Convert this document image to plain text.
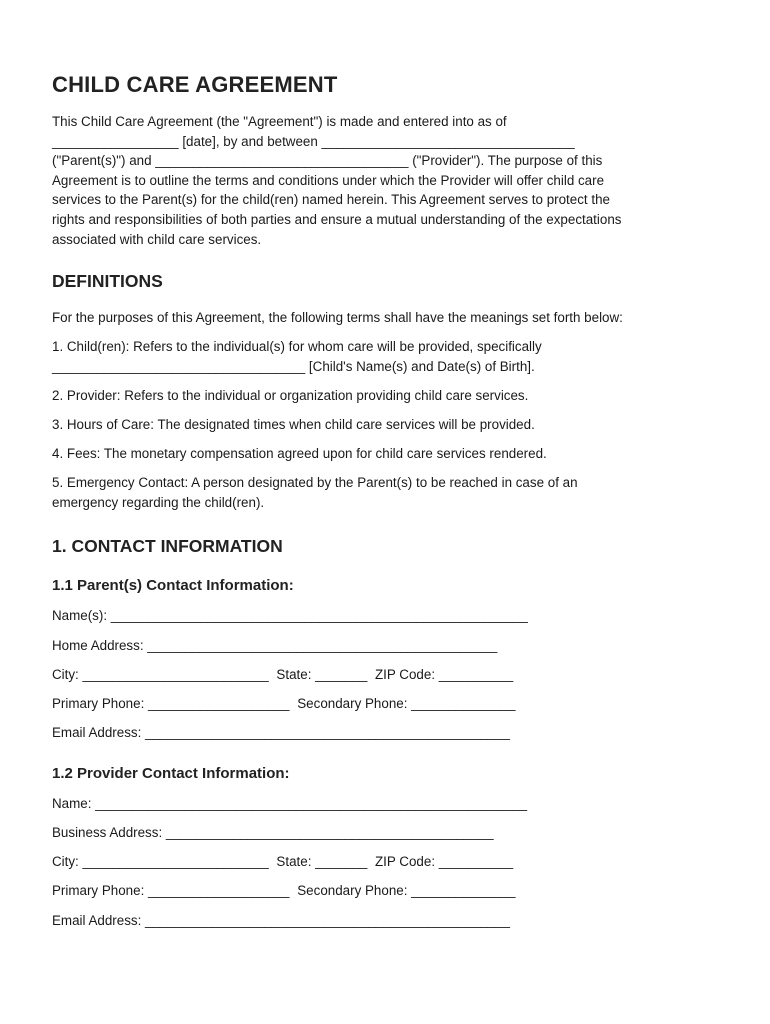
CHILD CARE AGREEMENT
This Child Care Agreement (the "Agreement") is made and entered into as of
_________________ [date], by and between __________________________________
("Parent(s)") and __________________________________ ("Provider"). The purpose of this
Agreement is to outline the terms and conditions under which the Provider will offer child care
services to the Parent(s) for the child(ren) named herein. This Agreement serves to protect the
rights and responsibilities of both parties and ensure a mutual understanding of the expectations
associated with child care services.
DEFINITIONS
For the purposes of this Agreement, the following terms shall have the meanings set forth below:
1. Child(ren): Refers to the individual(s) for whom care will be provided, specifically
__________________________________ [Child's Name(s) and Date(s) of Birth].
2. Provider: Refers to the individual or organization providing child care services.
3. Hours of Care: The designated times when child care services will be provided.
4. Fees: The monetary compensation agreed upon for child care services rendered.
5. Emergency Contact: A person designated by the Parent(s) to be reached in case of an
emergency regarding the child(ren).
1. CONTACT INFORMATION
1.1 Parent(s) Contact Information:
Name(s): ________________________________________________________
Home Address: _______________________________________________
City: _________________________ State: _______ ZIP Code: __________
Primary Phone: ___________________ Secondary Phone: ______________
Email Address: _________________________________________________
1.2 Provider Contact Information:
Name: __________________________________________________________
Business Address: ____________________________________________
City: _________________________ State: _______ ZIP Code: __________
Primary Phone: ___________________ Secondary Phone: ______________
Email Address: _________________________________________________
